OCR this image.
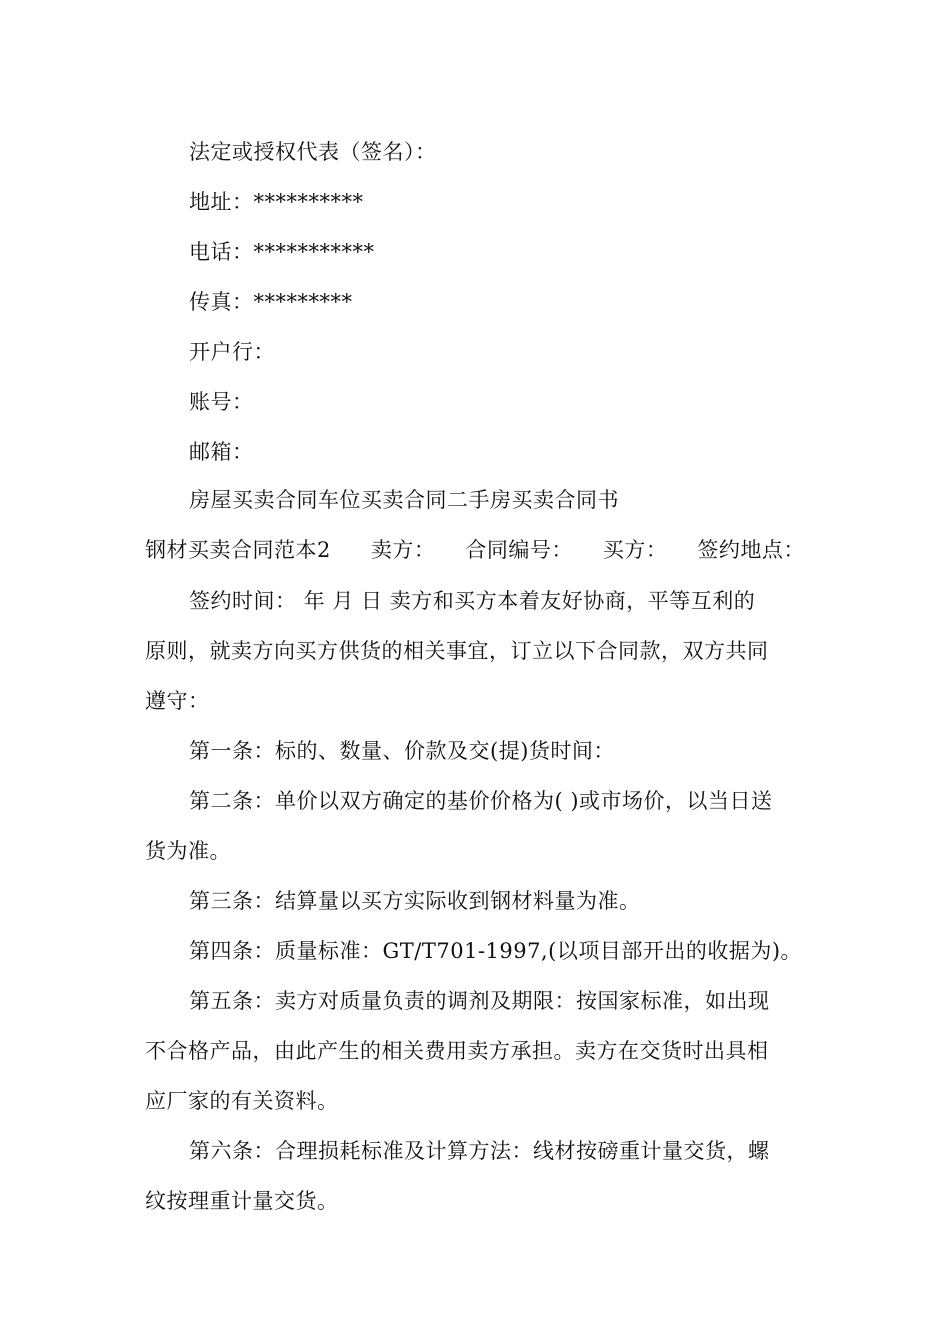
法定或授权代表（签名）：
地址：**********
电话：***********
传真：*********
开户行：
账号：
邮箱：
房屋买卖合同车位买卖合同二手房买卖合同书
钢材买卖合同范本2 卖方： 合同编号： 买方： 签约地点：
签约时间： 年 月 日 卖方和买方本着友好协商，平等互利的
原则，就卖方向买方供货的相关事宜，订立以下合同款，双方共同
遵守：
第一条：标的、数量、价款及交(提)货时间：
第二条：单价以双方确定的基价价格为( )或市场价，以当日送
货为准。
第三条：结算量以买方实际收到钢材料量为准。
第四条：质量标准：GT/T701-1997,(以项目部开出的收据为)。
第五条：卖方对质量负责的调剂及期限：按国家标准，如出现
不合格产品，由此产生的相关费用卖方承担。卖方在交货时出具相
应厂家的有关资料。
第六条：合理损耗标准及计算方法：线材按磅重计量交货，螺
纹按理重计量交货。
